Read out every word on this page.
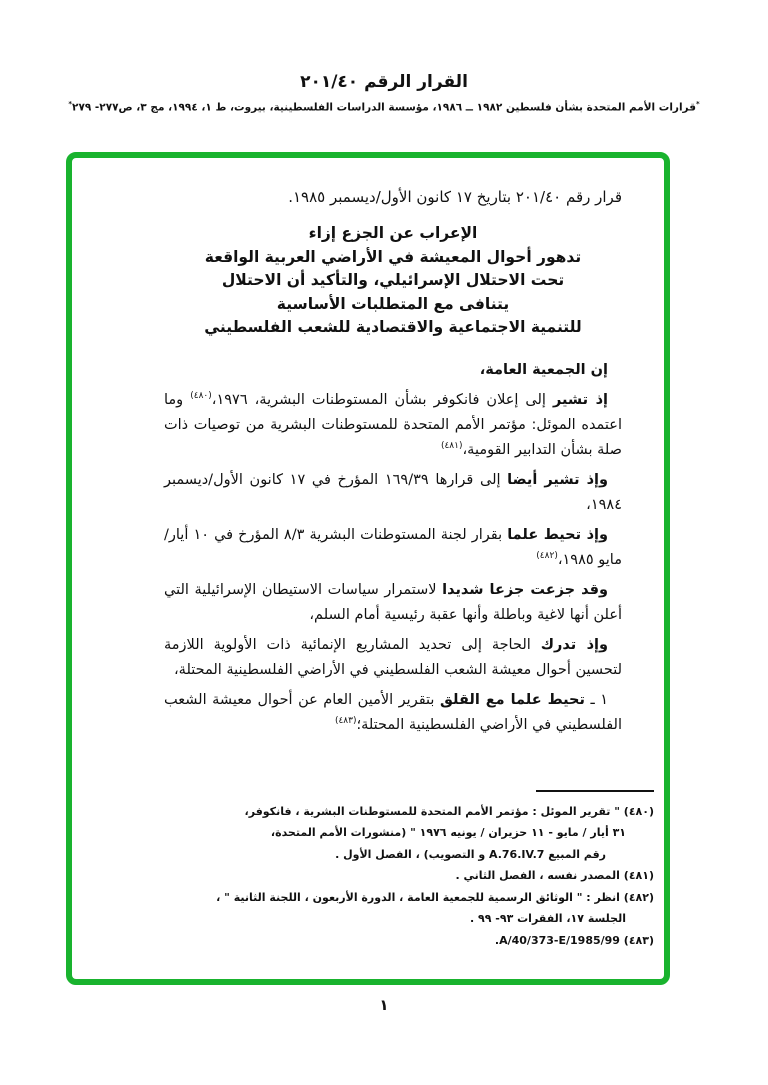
القرار الرقم ٢٠١/٤٠
*قرارات الأمم المتحدة بشأن فلسطين ١٩٨٢ ــ ١٩٨٦، مؤسسة الدراسات الفلسطينية، بيروت، ط ١، ١٩٩٤، مج ٣، ص٢٧٧- ٢٧٩*

قرار رقم ٢٠١/٤٠ بتاريخ ١٧ كانون الأول/ديسمبر ١٩٨٥.

الإعراب عن الجزع إزاء
تدهور أحوال المعيشة في الأراضي العربية الواقعة
تحت الاحتلال الإسرائيلي، والتأكيد أن الاحتلال
يتنافى مع المتطلبات الأساسية
للتنمية الاجتماعية والاقتصادية للشعب الفلسطيني

إن الجمعية العامة،

إذ تشير إلى إعلان فانكوفر بشأن المستوطنات البشرية، ١٩٧٦،$^{(٤٨٠)}$ وما اعتمده الموئل: مؤتمر الأمم المتحدة للمستوطنات البشرية من توصيات ذات صلة بشأن التدابير القومية،$^{(٤٨١)}$

وإذ تشير أيضا إلى قرارها ١٦٩/٣٩ المؤرخ في ١٧ كانون الأول/ديسمبر ١٩٨٤،

وإذ تحيط علما بقرار لجنة المستوطنات البشرية ٨/٣ المؤرخ في ١٠ أيار/مايو ١٩٨٥،$^{(٤٨٢)}$

وقد جزعت جزعا شديدا لاستمرار سياسات الاستيطان الإسرائيلية التي أعلن أنها لاغية وباطلة وأنها عقبة رئيسية أمام السلم،

وإذ تدرك الحاجة إلى تحديد المشاريع الإنمائية ذات الأولوية اللازمة لتحسين أحوال معيشة الشعب الفلسطيني في الأراضي الفلسطينية المحتلة،

١ ـ تحيط علما مع القلق بتقرير الأمين العام عن أحوال معيشة الشعب الفلسطيني في الأراضي الفلسطينية المحتلة؛$^{(٤٨٣)}$

(٤٨٠) " تقرير الموئل : مؤتمر الأمم المتحدة للمستوطنات البشرية ، فانكوفر،
٣١ أيار / مايو - ١١ حزيران / يونيه ١٩٧٦ " (منشورات الأمم المتحدة،
رقم المبيع A.76.IV.7 و التصويب) ، الفصل الأول .
(٤٨١) المصدر نفسه ، الفصل الثاني .
(٤٨٢) انظر : " الوثائق الرسمية للجمعية العامة ، الدورة الأربعون ، اللجنة الثانية " ،
الجلسة ١٧، الفقرات ٩٣- ٩٩ .
(٤٨٣) A/40/373-E/1985/99.
١
